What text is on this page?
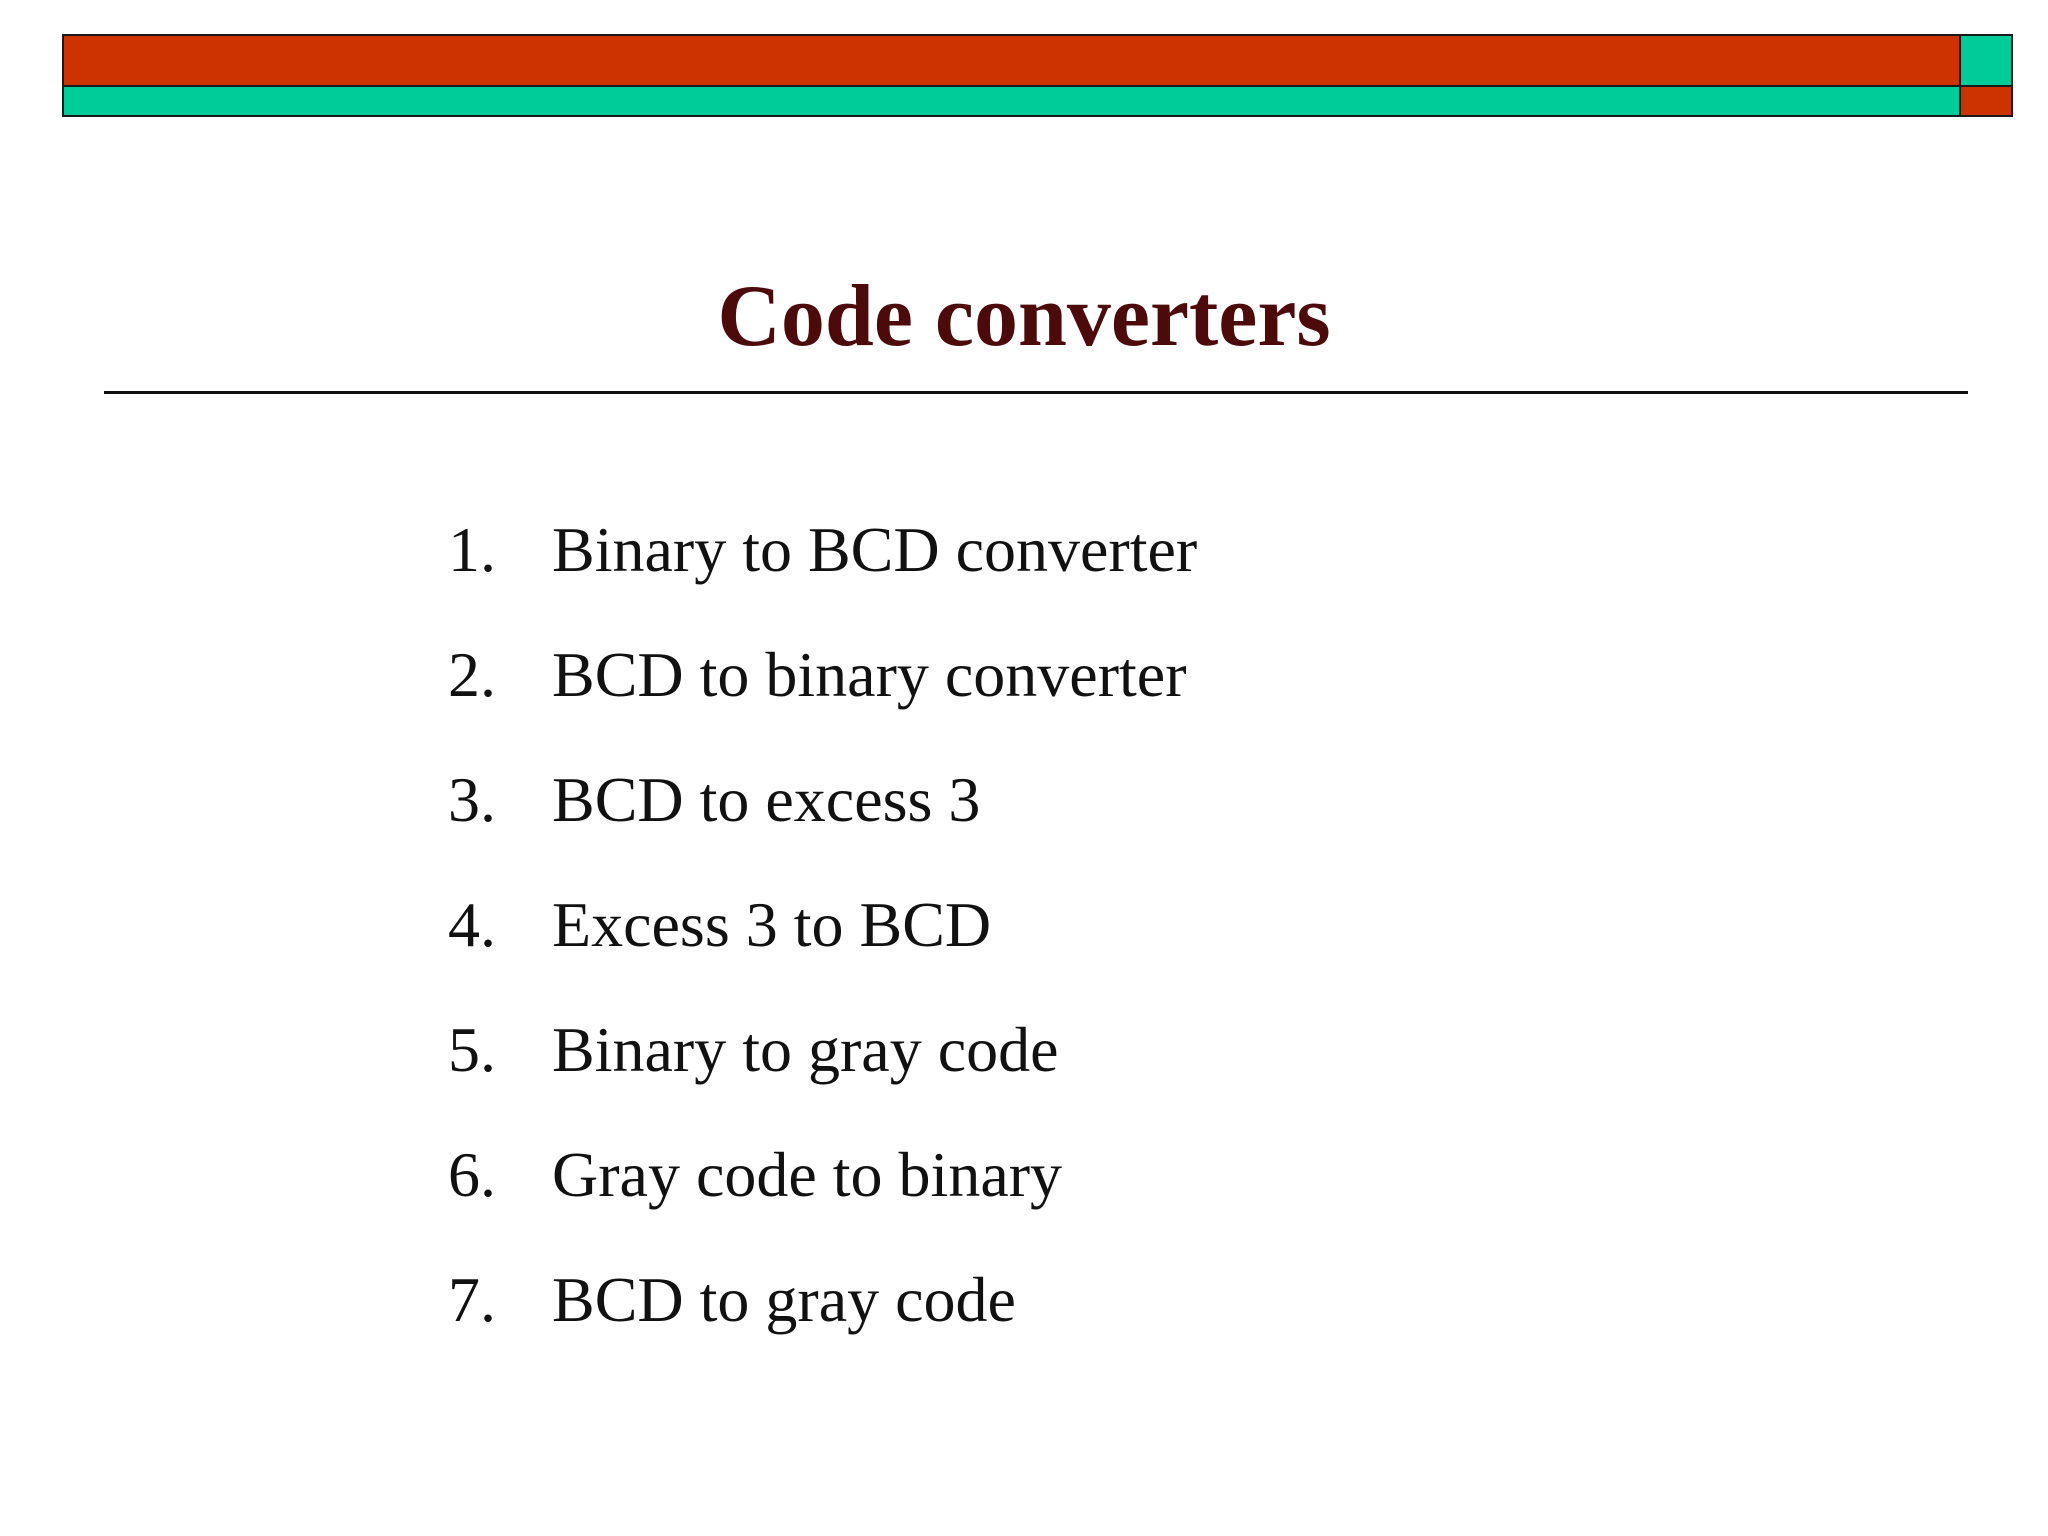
Code converters
1. Binary to BCD converter
2. BCD to binary converter
3. BCD to excess 3
4. Excess 3 to BCD
5. Binary to gray code
6. Gray code to binary
7. BCD to gray code
